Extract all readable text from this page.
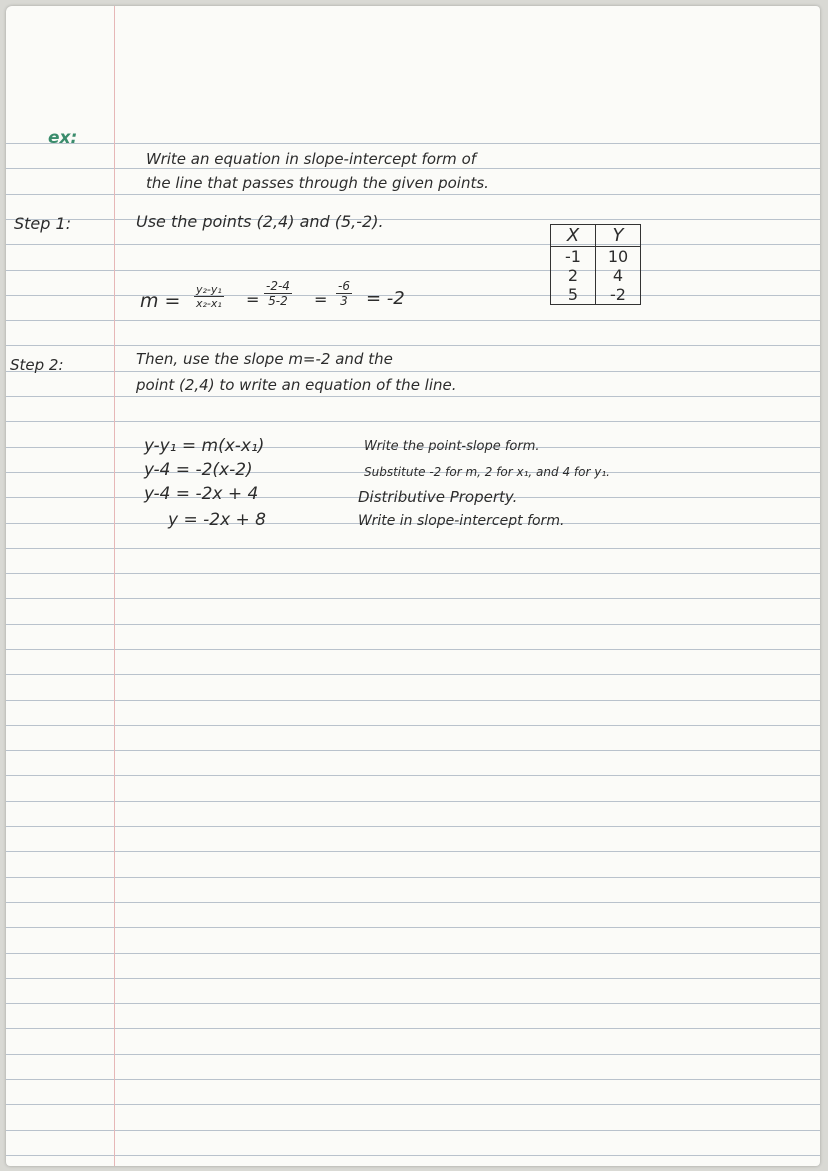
ex:
Write an equation in slope-intercept form of
the line that passes through the given points.
Step 1:	Use the points (2,4) and (5,-2).
$m = \frac{\text{y₂-y₁}}{\text{x₂-x₁}} = \frac{-2-4}{5-2} = \frac{-6}{3} = -2$
X	Y
-1	10
2	4
5	-2
Step 2:	Then, use the slope m=-2 and the
point (2,4) to write an equation of the line.
y-y₁ = m(x-x₁)	Write the point-slope form.
y-4 = -2(x-2)	Substitute -2 for m, 2 for x₁, and 4 for y₁.
y-4 = -2x + 4	Distributive Property.
y = -2x + 8	Write in slope-intercept form.
